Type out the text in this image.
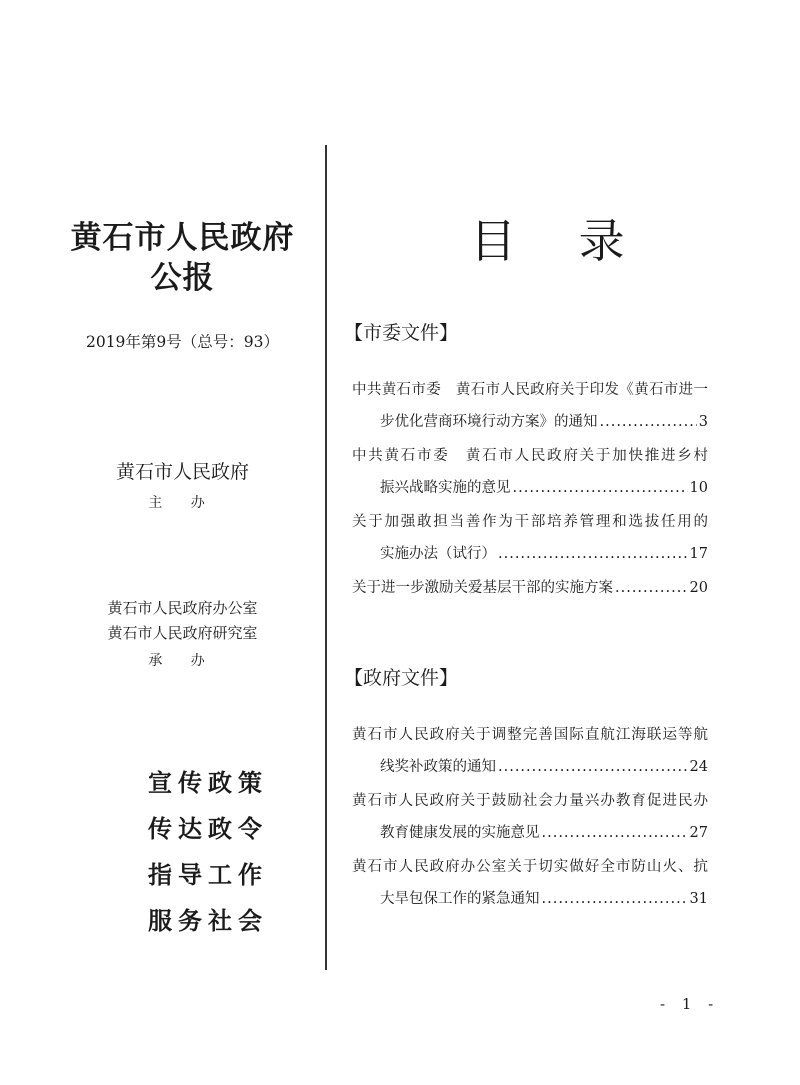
黄石市人民政府
公报
2019年第9号（总号：93）
黄石市人民政府
主 办
黄石市人民政府办公室
黄石市人民政府研究室
承 办
宣传政策
传达政令
指导工作
服务社会
目 录
【市委文件】
中共黄石市委　黄石市人民政府关于印发《黄石市进一
步优化营商环境行动方案》的通知 .....	3
中共黄石市委　黄石市人民政府关于加快推进乡村
振兴战略实施的意见 .....	10
关于加强敢担当善作为干部培养管理和选拔任用的
实施办法（试行） .....	17
关于进一步激励关爱基层干部的实施方案 .....	20
【政府文件】
黄石市人民政府关于调整完善国际直航江海联运等航
线奖补政策的通知 .....	24
黄石市人民政府关于鼓励社会力量兴办教育促进民办
教育健康发展的实施意见 .....	27
黄石市人民政府办公室关于切实做好全市防山火、抗
大旱包保工作的紧急通知 .....	31
- 1 -
